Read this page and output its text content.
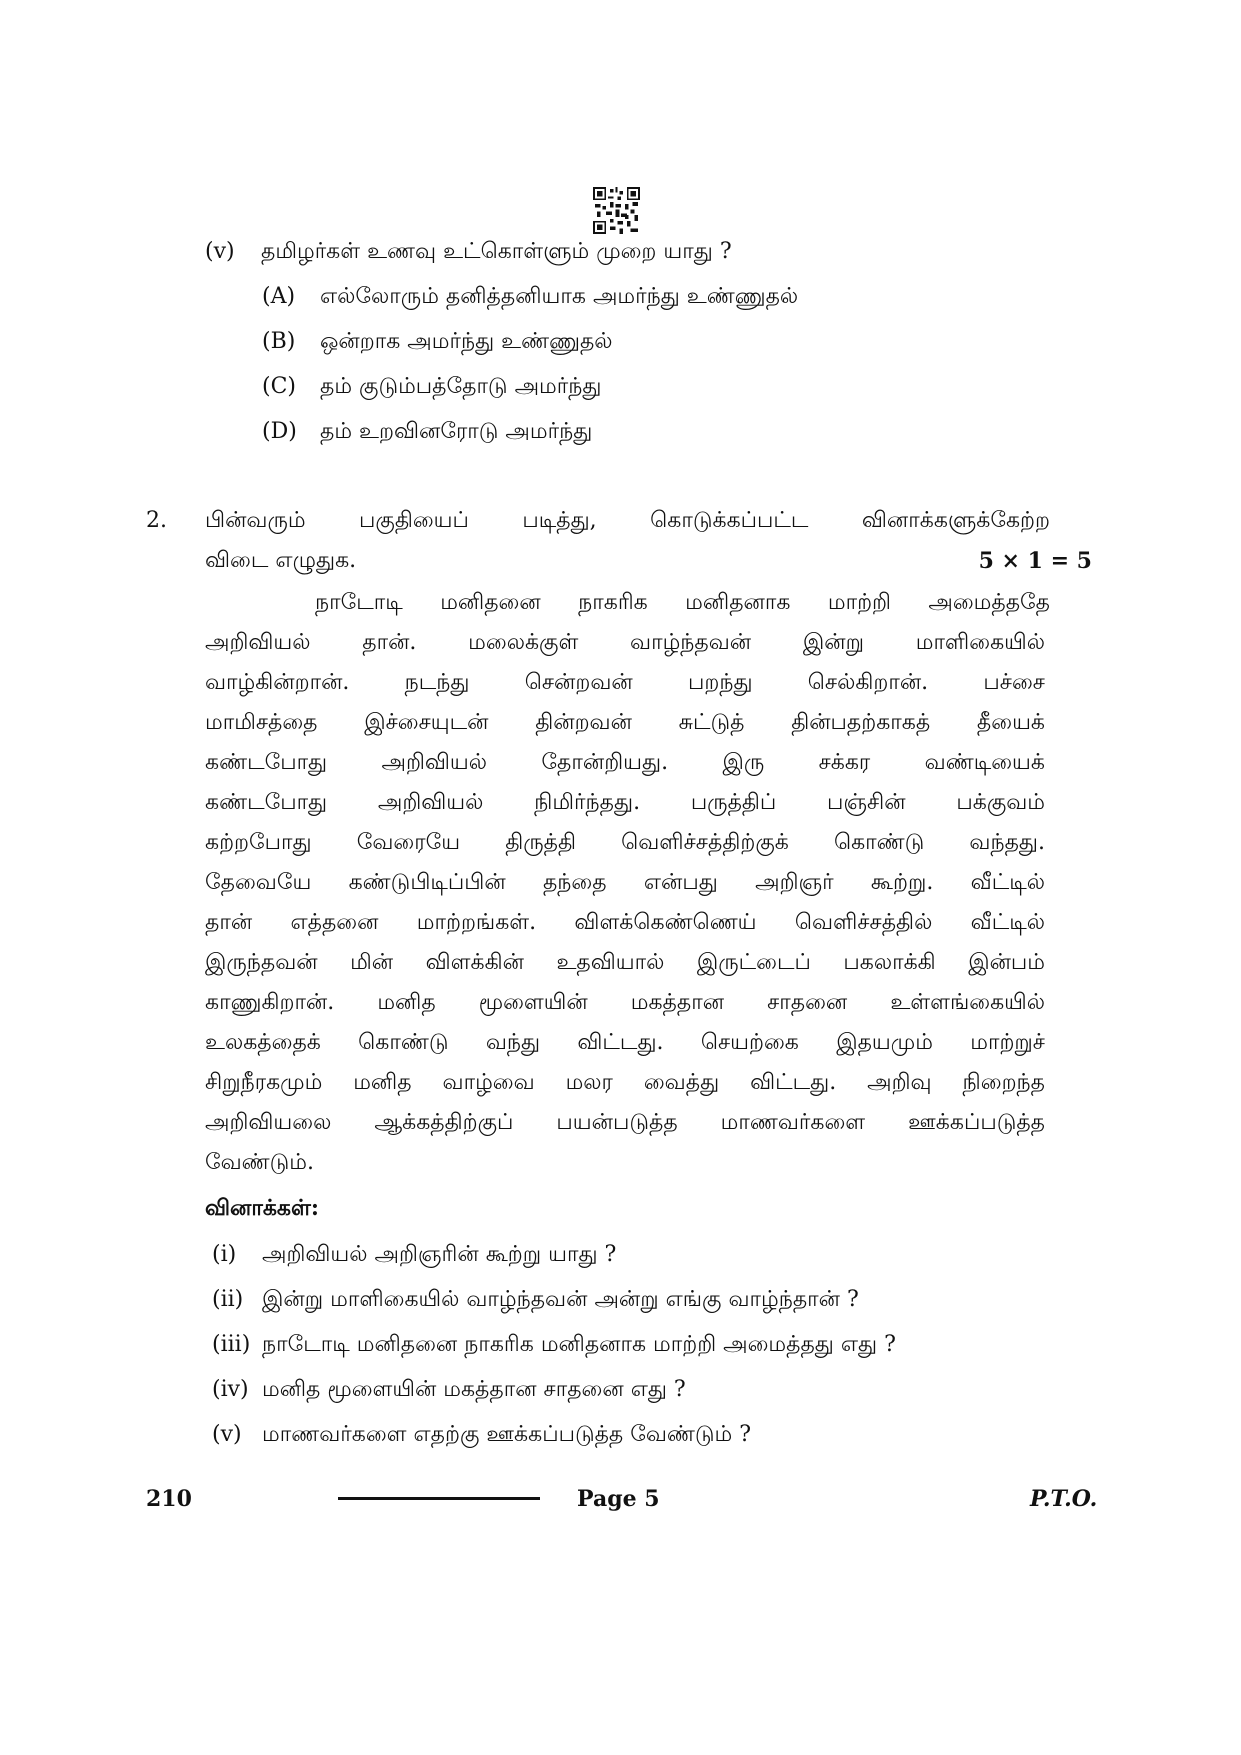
(v) தமிழர்கள் உணவு உட்கொள்ளும் முறை யாது ?
(A) எல்லோரும் தனித்தனியாக அமர்ந்து உண்ணுதல்
(B) ஒன்றாக அமர்ந்து உண்ணுதல்
(C) தம் குடும்பத்தோடு அமர்ந்து
(D) தம் உறவினரோடு அமர்ந்து
2. பின்வரும் பகுதியைப் படித்து, கொடுக்கப்பட்ட வினாக்களுக்கேற்ற
விடை எழுதுக.	5 × 1 = 5
நாடோடி மனிதனை நாகரிக மனிதனாக மாற்றி அமைத்ததே
அறிவியல் தான். மலைக்குள் வாழ்ந்தவன் இன்று மாளிகையில்
வாழ்கின்றான். நடந்து சென்றவன் பறந்து செல்கிறான். பச்சை
மாமிசத்தை இச்சையுடன் தின்றவன் சுட்டுத் தின்பதற்காகத் தீயைக்
கண்டபோது அறிவியல் தோன்றியது. இரு சக்கர வண்டியைக்
கண்டபோது அறிவியல் நிமிர்ந்தது. பருத்திப் பஞ்சின் பக்குவம்
கற்றபோது வேரையே திருத்தி வெளிச்சத்திற்குக் கொண்டு வந்தது.
தேவையே கண்டுபிடிப்பின் தந்தை என்பது அறிஞர் கூற்று. வீட்டில்
தான் எத்தனை மாற்றங்கள். விளக்கெண்ணெய் வெளிச்சத்தில் வீட்டில்
இருந்தவன் மின் விளக்கின் உதவியால் இருட்டைப் பகலாக்கி இன்பம்
காணுகிறான். மனித மூளையின் மகத்தான சாதனை உள்ளங்கையில்
உலகத்தைக் கொண்டு வந்து விட்டது. செயற்கை இதயமும் மாற்றுச்
சிறுநீரகமும் மனித வாழ்வை மலர வைத்து விட்டது. அறிவு நிறைந்த
அறிவியலை ஆக்கத்திற்குப் பயன்படுத்த மாணவர்களை ஊக்கப்படுத்த
வேண்டும்.
வினாக்கள்:
(i) அறிவியல் அறிஞரின் கூற்று யாது ?
(ii) இன்று மாளிகையில் வாழ்ந்தவன் அன்று எங்கு வாழ்ந்தான் ?
(iii) நாடோடி மனிதனை நாகரிக மனிதனாக மாற்றி அமைத்தது எது ?
(iv) மனித மூளையின் மகத்தான சாதனை எது ?
(v) மாணவர்களை எதற்கு ஊக்கப்படுத்த வேண்டும் ?
210	Page 5	P.T.O.
